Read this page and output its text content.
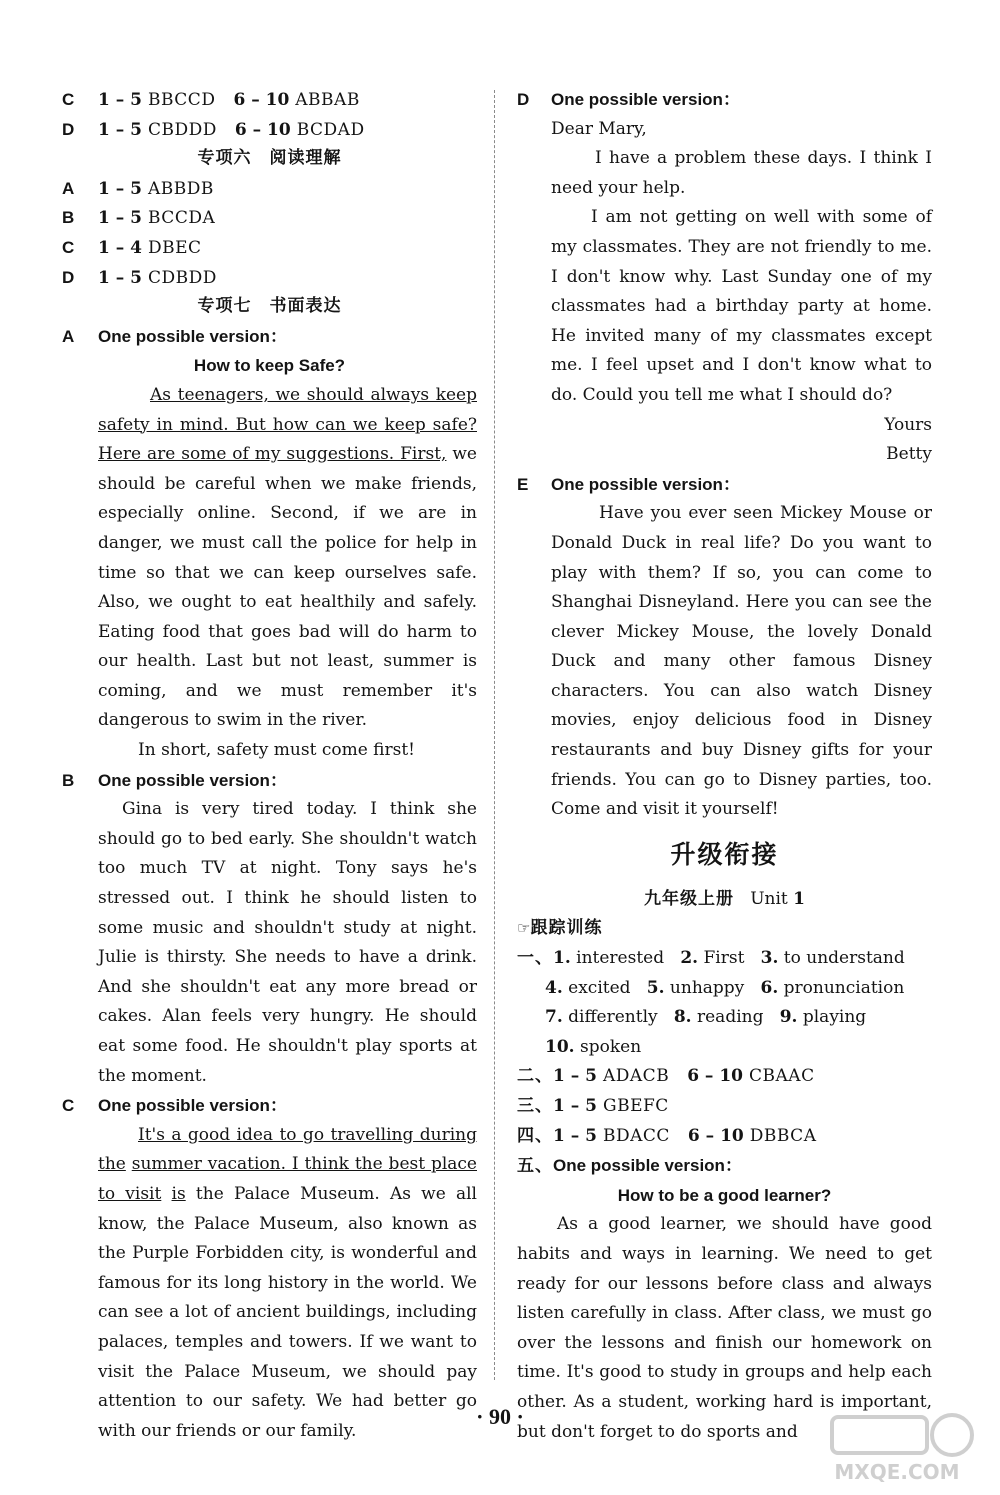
C 1 – 5 BBCCD 6 – 10 ABBAB
D 1 – 5 CBDDD 6 – 10 BCDAD
专项六　阅读理解
A 1 – 5 ABBDB
B 1 – 5 BCCDA
C 1 – 4 DBEC
D 1 – 5 CDBDD
专项七　书面表达
A One possible version：
How to keep Safe?

As teenagers, we should always keep safety in mind. But how can we keep safe? Here are some of my suggestions. First, we should be careful when we make friends, especially online. Second, if we are in danger, we must call the police for help in time so that we can keep ourselves safe. Also, we ought to eat healthily and safely. Eating food that goes bad will do harm to our health. Last but not least, summer is coming, and we must remember it's dangerous to swim in the river.

In short, safety must come first!

B One possible version：

Gina is very tired today. I think she should go to bed early. She shouldn't watch too much TV at night. Tony says he's stressed out. I think he should listen to some music and shouldn't study at night. Julie is thirsty. She needs to have a drink. And she shouldn't eat any more bread or cakes. Alan feels very hungry. He should eat some food. He shouldn't play sports at the moment.

C One possible version：

It's a good idea to go travelling during the summer vacation. I think the best place to visit is the Palace Museum. As we all know, the Palace Museum, also known as the Purple Forbidden city, is wonderful and famous for its long history in the world. We can see a lot of ancient buildings, including palaces, temples and towers. If we want to visit the Palace Museum, we should pay attention to our safety. We had better go with our friends or our family.

D One possible version：
Dear Mary,

I have a problem these days. I think I need your help.

I am not getting on well with some of my classmates. They are not friendly to me. I don't know why. Last Sunday one of my classmates had a birthday party at home. He invited many of my classmates except me. I feel upset and I don't know what to do. Could you tell me what I should do?

Yours
Betty
E One possible version：

Have you ever seen Mickey Mouse or Donald Duck in real life? Do you want to play with them? If so, you can come to Shanghai Disneyland. Here you can see the clever Mickey Mouse, the lovely Donald Duck and many other famous Disney characters. You can also watch Disney movies, enjoy delicious food in Disney restaurants and buy Disney gifts for your friends. You can go to Disney parties, too. Come and visit it yourself!

升级衔接
九年级上册 Unit 1
☞跟踪训练
一、1. interested 2. First 3. to understand
4. excited 5. unhappy 6. pronunciation
7. differently 8. reading 9. playing
10. spoken
二、1 – 5 ADACB 6 – 10 CBAAC
三、1 – 5 GBEFC
四、1 – 5 BDACC 6 – 10 DBBCA
五、One possible version：
How to be a good learner?

As a good learner, we should have good habits and ways in learning. We need to get ready for our lessons before class and always listen carefully in class. After class, we must go over the lessons and finish our homework on time. It's good to study in groups and help each other. As a student, working hard is important, but don't forget to do sports and

· 90 ·
MXQE.COM
